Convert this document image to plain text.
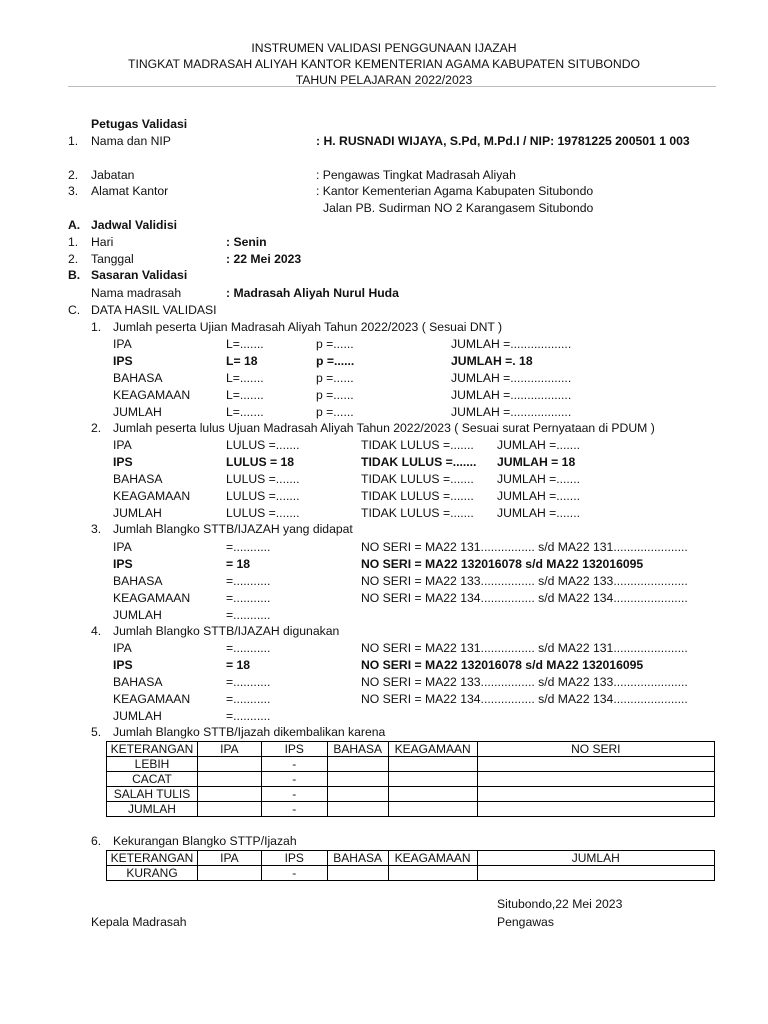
INSTRUMEN VALIDASI PENGGUNAAN IJAZAH
TINGKAT MADRASAH ALIYAH KANTOR KEMENTERIAN AGAMA KABUPATEN SITUBONDO
TAHUN PELAJARAN 2022/2023
Petugas Validasi
1. Nama dan NIP	: H. RUSNADI WIJAYA, S.Pd, M.Pd.I / NIP: 19781225 200501 1 003
2. Jabatan	: Pengawas Tingkat Madrasah Aliyah
3. Alamat Kantor	: Kantor Kementerian Agama Kabupaten Situbondo
Jalan PB. Sudirman NO 2 Karangasem Situbondo
A. Jadwal Validisi
1. Hari	: Senin
2. Tanggal	: 22 Mei 2023
B. Sasaran Validasi
Nama madrasah	: Madrasah Aliyah Nurul Huda
C. DATA HASIL VALIDASI
1. Jumlah peserta Ujian Madrasah Aliyah Tahun 2022/2023 ( Sesuai DNT )
IPA	L=.......	p =......	JUMLAH =..................
IPS	L= 18	p =......	JUMLAH =. 18
BAHASA	L=.......	p =......	JUMLAH =..................
KEAGAMAAN	L=.......	p =......	JUMLAH =..................
JUMLAH	L=.......	p =......	JUMLAH =..................
2. Jumlah peserta lulus Ujuan Madrasah Aliyah Tahun 2022/2023 ( Sesuai surat Pernyataan di PDUM )
IPA	LULUS =.......	TIDAK LULUS =....... JUMLAH =.......
IPS	LULUS = 18	TIDAK LULUS =....... JUMLAH = 18
BAHASA	LULUS =.......	TIDAK LULUS =....... JUMLAH =.......
KEAGAMAAN	LULUS =.......	TIDAK LULUS =....... JUMLAH =.......
JUMLAH	LULUS =.......	TIDAK LULUS =....... JUMLAH =.......
3. Jumlah Blangko STTB/IJAZAH yang didapat
IPA	=...........	NO SERI = MA22 131................ s/d MA22 131......................
IPS	= 18	NO SERI = MA22 132016078 s/d MA22 132016095
BAHASA	=...........	NO SERI = MA22 133................ s/d MA22 133......................
KEAGAMAAN	=...........	NO SERI = MA22 134................ s/d MA22 134......................
JUMLAH	=...........
4. Jumlah Blangko STTB/IJAZAH digunakan
IPA	=...........	NO SERI = MA22 131................ s/d MA22 131......................
IPS	= 18	NO SERI = MA22 132016078 s/d MA22 132016095
BAHASA	=...........	NO SERI = MA22 133................ s/d MA22 133......................
KEAGAMAAN	=...........	NO SERI = MA22 134................ s/d MA22 134......................
JUMLAH	=...........
5. Jumlah Blangko STTB/Ijazah dikembalikan karena
KETERANGAN	IPA	IPS	BAHASA	KEAGAMAAN	NO SERI
LEBIH		-			
CACAT		-			
SALAH TULIS		-			
JUMLAH		-			
6. Kekurangan Blangko STTP/Ijazah
KETERANGAN	IPA	IPS	BAHASA	KEAGAMAAN	JUMLAH
KURANG		-			
Situbondo,22 Mei 2023
Pengawas
Kepala Madrasah
